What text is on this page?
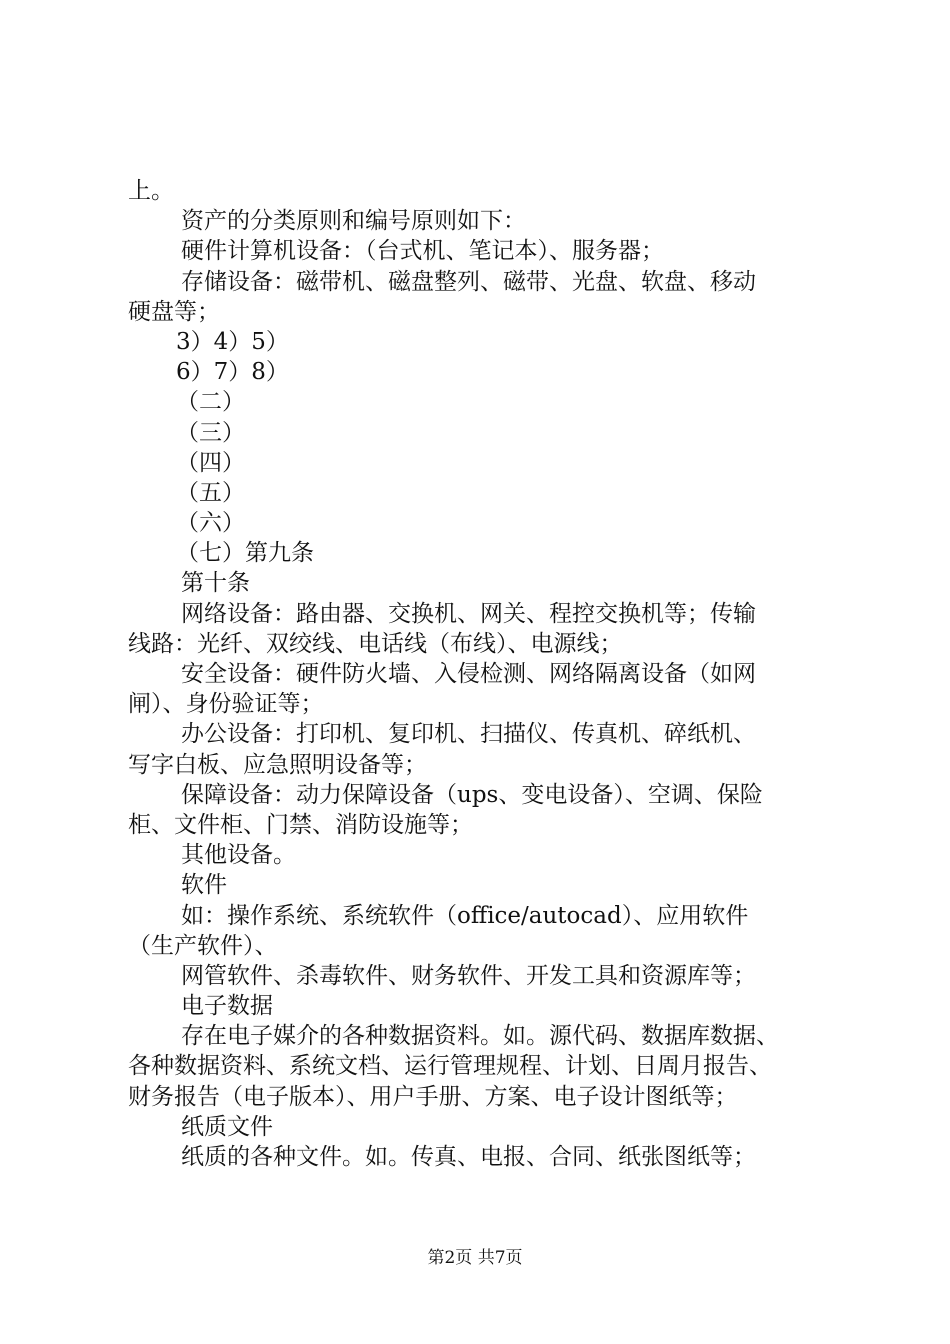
上。
资产的分类原则和编号原则如下：
硬件计算机设备：（台式机、笔记本）、服务器；
存储设备：磁带机、磁盘整列、磁带、光盘、软盘、移动
硬盘等；
3）4）5）
6）7）8）
（二）
（三）
（四）
（五）
（六）
（七）第九条
第十条
网络设备：路由器、交换机、网关、程控交换机等；传输
线路：光纤、双绞线、电话线（布线）、电源线；
安全设备：硬件防火墙、入侵检测、网络隔离设备（如网
闸）、身份验证等；
办公设备：打印机、复印机、扫描仪、传真机、碎纸机、
写字白板、应急照明设备等；
保障设备：动力保障设备（ups、变电设备）、空调、保险
柜、文件柜、门禁、消防设施等；
其他设备。
软件
如：操作系统、系统软件（office/autocad）、应用软件
（生产软件）、
网管软件、杀毒软件、财务软件、开发工具和资源库等；
电子数据
存在电子媒介的各种数据资料。如。源代码、数据库数据、
各种数据资料、系统文档、运行管理规程、计划、日周月报告、
财务报告（电子版本）、用户手册、方案、电子设计图纸等；
纸质文件
纸质的各种文件。如。传真、电报、合同、纸张图纸等；
第2页 共7页
